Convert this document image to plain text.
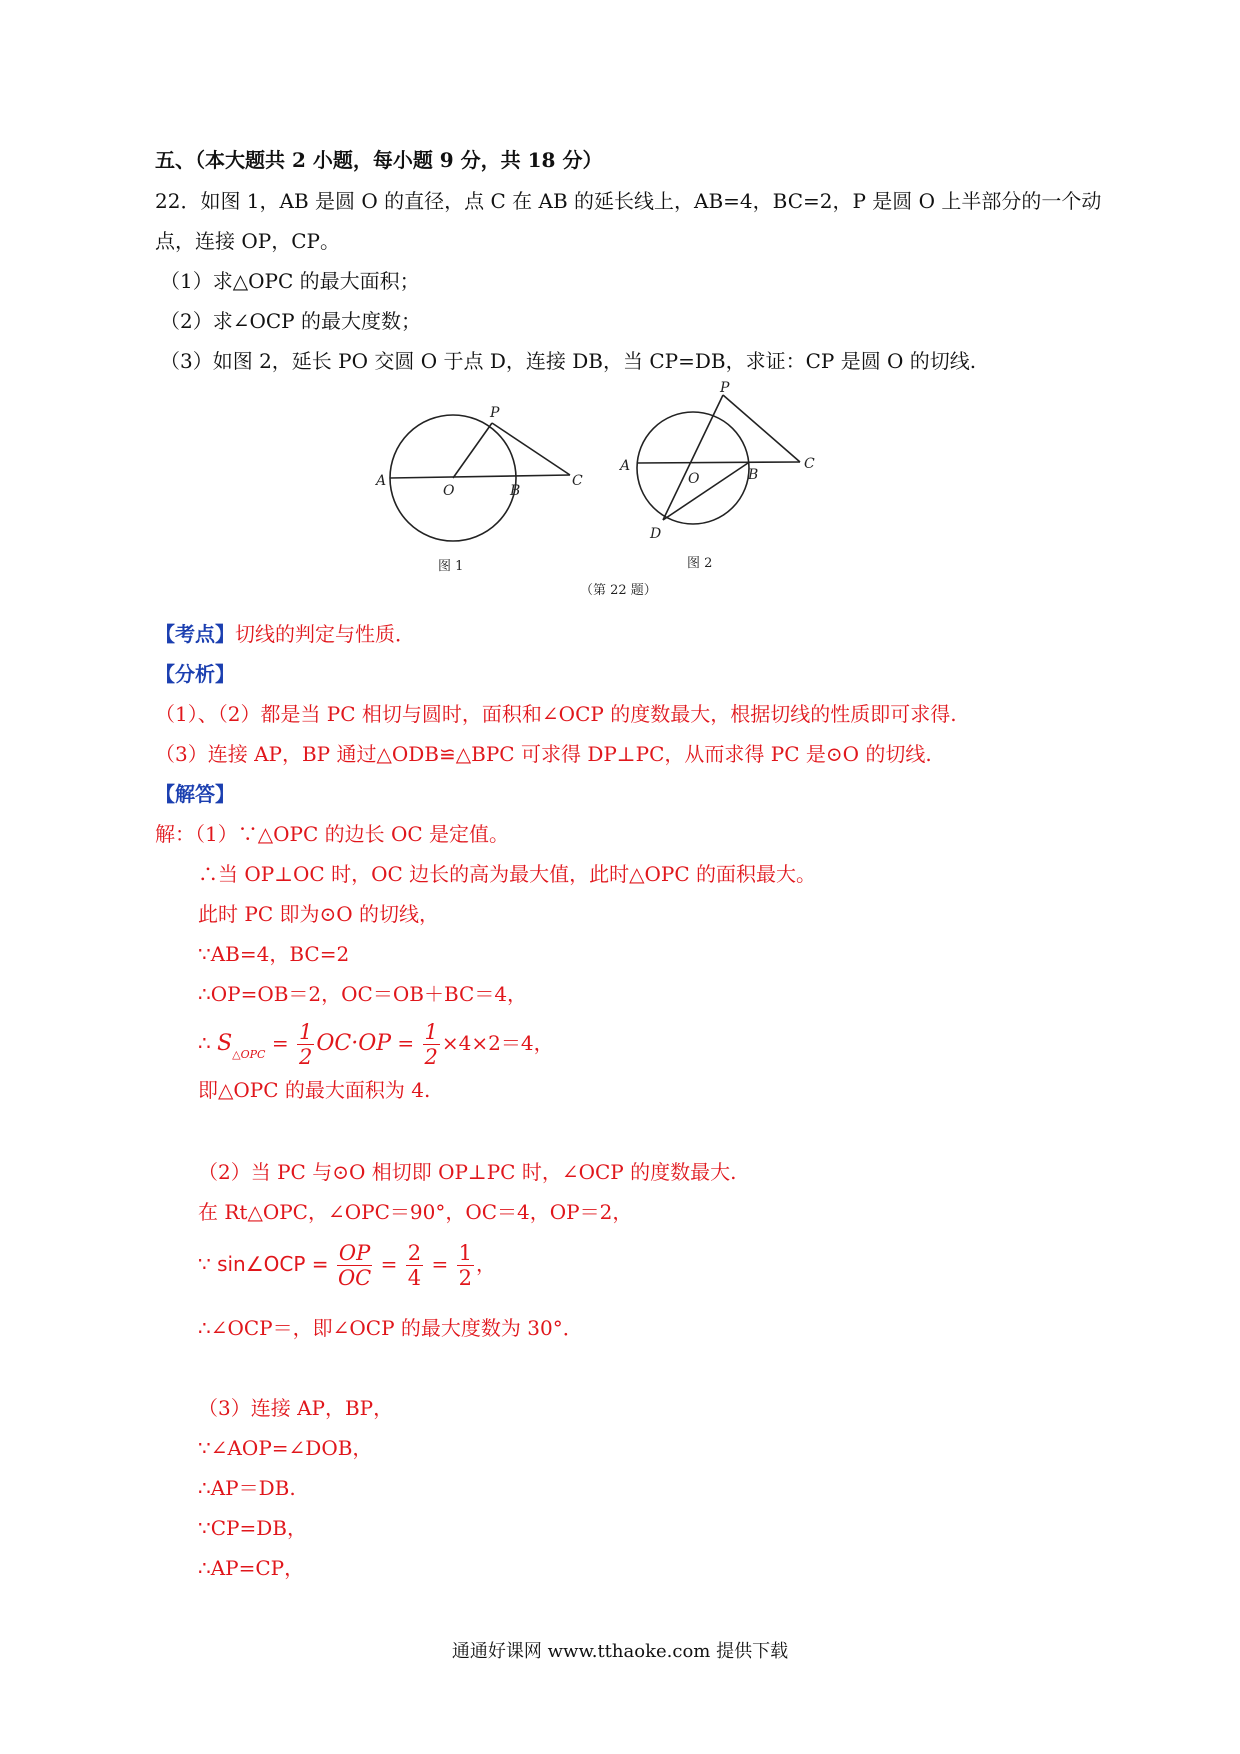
五、（本大题共 2 小题，每小题 9 分，共 18 分）
22．如图 1，AB 是圆 O 的直径，点 C 在 AB 的延长线上，AB=4，BC=2，P 是圆 O 上半部分的一个动
点，连接 OP，CP。
（1）求△OPC 的最大面积；
（2）求∠OCP 的最大度数；
（3）如图 2，延长 PO 交圆 O 于点 D，连接 DB，当 CP=DB，求证：CP 是圆 O 的切线.
A
O	B
C
P
图 1
A
O	B
C
P
D
图 2
（第 22 题）
【考点】切线的判定与性质．
【分析】
（1）、（2）都是当 PC 相切与圆时，面积和∠OCP 的度数最大，根据切线的性质即可求得.
（3）连接 AP，BP 通过△ODB≌△BPC 可求得 DP⊥PC，从而求得 PC 是⊙O 的切线.
【解答】
解：（1）∵△OPC 的边长 OC 是定值。
∴当 OP⊥OC 时，OC 边长的高为最大值，此时△OPC 的面积最大。
此时 PC 即为⊙O 的切线，
∵AB=4，BC=2
∴OP=OB＝2，OC＝OB＋BC＝4，
∴ $S_{\triangle OPC} = \frac{1}{2} OC\cdot OP = \frac{1}{2} \times 4\times 2=4$，
即△OPC 的最大面积为 4.
（2）当 PC 与⊙O 相切即 OP⊥PC 时，∠OCP 的度数最大.
在 Rt△OPC，∠OPC＝90°，OC＝4，OP＝2，
∵ sin∠OCP = $\frac{OP}{OC} = \frac{2}{4} = \frac{1}{2}$ ，
∴∠OCP＝，即∠OCP 的最大度数为 30°．
（3）连接 AP，BP，
∵∠AOP=∠DOB，
∴AP＝DB.
∵CP=DB，
∴AP=CP，
通通好课网 www.tthaoke.com 提供下载
